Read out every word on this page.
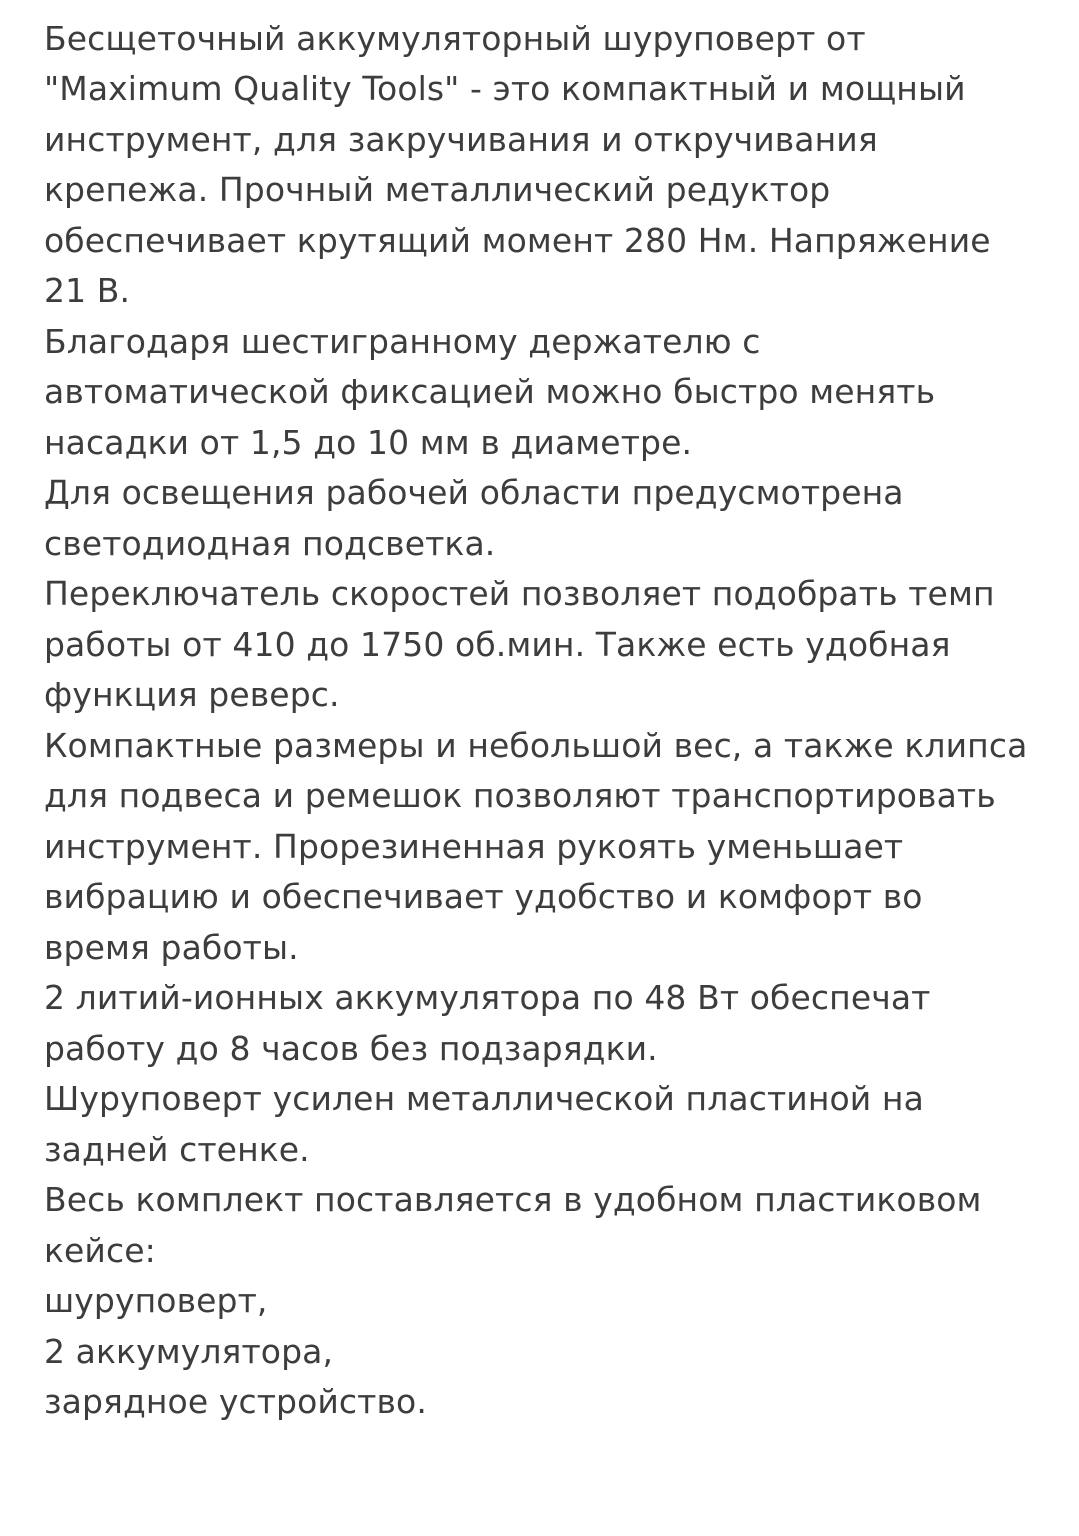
Бесщеточный аккумуляторный шуруповерт от "Maximum Quality Tools" - это компактный и мощный инструмент, для закручивания и откручивания крепежа. Прочный металлический редуктор обеспечивает крутящий момент 280 Нм. Напряжение 21 В.

Благодаря шестигранному держателю с автоматической фиксацией можно быстро менять насадки от 1,5 до 10 мм в диаметре.

Для освещения рабочей области предусмотрена светодиодная подсветка.

Переключатель скоростей позволяет подобрать темп работы от 410 до 1750 об.мин. Также есть удобная функция реверс.

Компактные размеры и небольшой вес, а также клипса для подвеса и ремешок позволяют транспортировать инструмент. Прорезиненная рукоять уменьшает вибрацию и обеспечивает удобство и комфорт во время работы.

2 литий-ионных аккумулятора по 48 Вт обеспечат работу до 8 часов без подзарядки.

Шуруповерт усилен металлической пластиной на задней стенке.

Весь комплект поставляется в удобном пластиковом кейсе:

шуруповерт,

2 аккумулятора,

зарядное устройство.
